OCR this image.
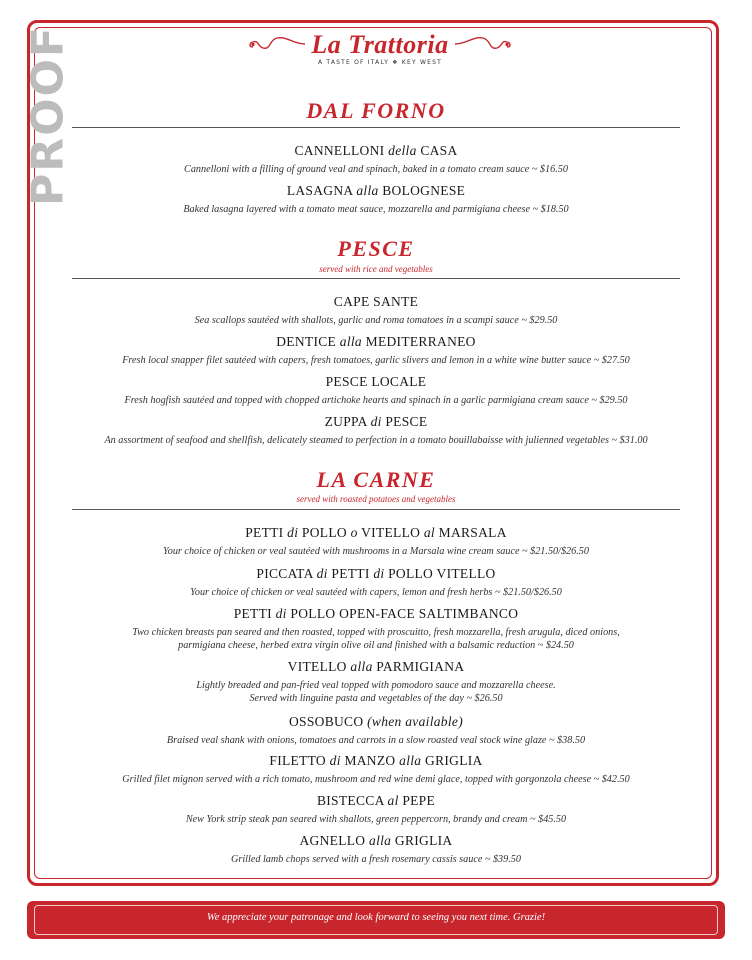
PROOF	La Trattoria
A TASTE OF ITALY ❖ KEY WEST
DAL FORNO
CANNELLONI della CASA
Cannelloni with a filling of ground veal and spinach, baked in a tomato cream sauce ~ $16.50
LASAGNA alla BOLOGNESE
Baked lasagna layered with a tomato meat sauce, mozzarella and parmigiana cheese ~ $18.50
PESCE
served with rice and vegetables
CAPE SANTE
Sea scallops sautéed with shallots, garlic and roma tomatoes in a scampi sauce ~ $29.50
DENTICE alla MEDITERRANEO
Fresh local snapper filet sautéed with capers, fresh tomatoes, garlic slivers and lemon in a white wine butter sauce ~ $27.50
PESCE LOCALE
Fresh hogfish sautéed and topped with chopped artichoke hearts and spinach in a garlic parmigiana cream sauce ~ $29.50
ZUPPA di PESCE
An assortment of seafood and shellfish, delicately steamed to perfection in a tomato bouillabaisse with julienned vegetables ~ $31.00
LA CARNE
served with roasted potatoes and vegetables
PETTI di POLLO o VITELLO al MARSALA
Your choice of chicken or veal sautéed with mushrooms in a Marsala wine cream sauce ~ $21.50/$26.50
PICCATA di PETTI di POLLO VITELLO
Your choice of chicken or veal sautéed with capers, lemon and fresh herbs ~ $21.50/$26.50
PETTI di POLLO OPEN-FACE SALTIMBANCO
Two chicken breasts pan seared and then roasted, topped with proscuitto, fresh mozzarella, fresh arugula, diced onions,
parmigiana cheese, herbed extra virgin olive oil and finished with a balsamic reduction ~ $24.50
VITELLO alla PARMIGIANA
Lightly breaded and pan-fried veal topped with pomodoro sauce and mozzarella cheese.
Served with linguine pasta and vegetables of the day ~ $26.50
OSSOBUCO (when available)
Braised veal shank with onions, tomatoes and carrots in a slow roasted veal stock wine glaze ~ $38.50
FILETTO di MANZO alla GRIGLIA
Grilled filet mignon served with a rich tomato, mushroom and red wine demi glace, topped with gorgonzola cheese ~ $42.50
BISTECCA al PEPE
New York strip steak pan seared with shallots, green peppercorn, brandy and cream ~ $45.50
AGNELLO alla GRIGLIA
Grilled lamb chops served with a fresh rosemary cassis sauce ~ $39.50
We appreciate your patronage and look forward to seeing you next time. Grazie!
